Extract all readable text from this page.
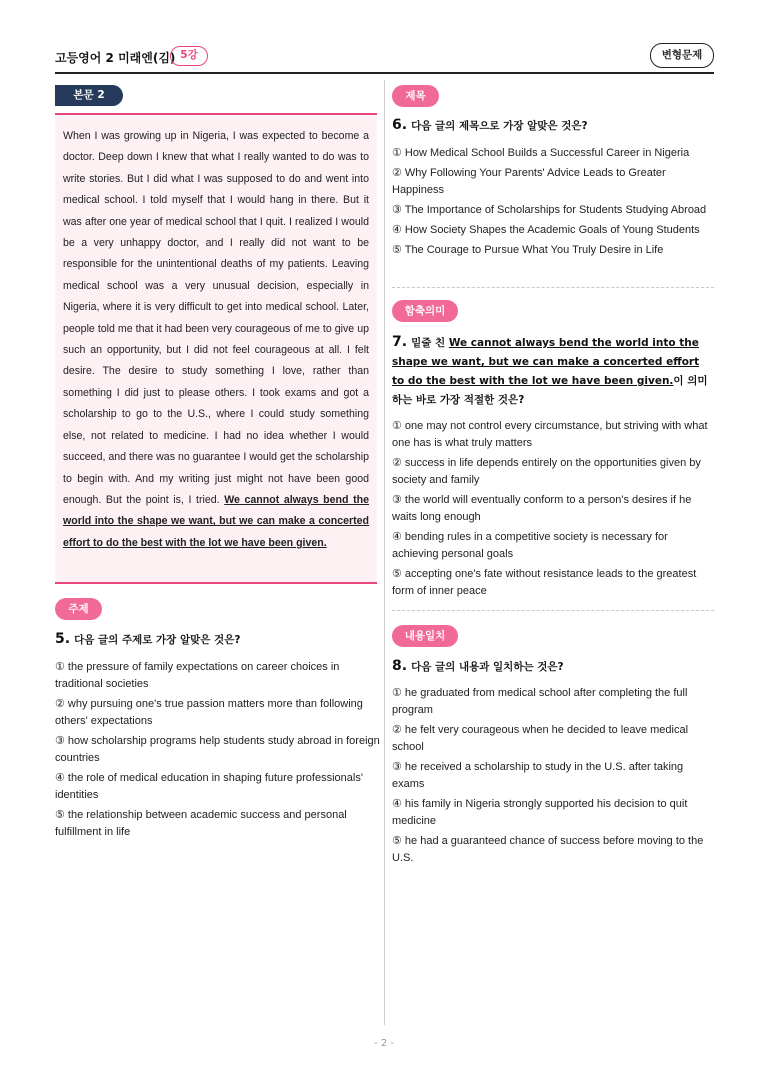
고등영어 2 미래엔(김) 5강	변형문제
본문 2

When I was growing up in Nigeria, I was expected to become a doctor. Deep down I knew that what I really wanted to do was to write stories. But I did what I was supposed to do and went into medical school. I told myself that I would hang in there. But it was after one year of medical school that I quit. I realized I would be a very unhappy doctor, and I really did not want to be responsible for the unintentional deaths of my patients. Leaving medical school was a very unusual decision, especially in Nigeria, where it is very difficult to get into medical school. Later, people told me that it had been very courageous of me to give up such an opportunity, but I did not feel courageous at all. I felt desire. The desire to study something I love, rather than something I did just to please others. I took exams and got a scholarship to go to the U.S., where I could study something else, not related to medicine. I had no idea whether I would succeed, and there was no guarantee I would get the scholarship to begin with. And my writing just might not have been good enough. But the point is, I tried. We cannot always bend the world into the shape we want, but we can make a concerted effort to do the best with the lot we have been given.

주제
5. 다음 글의 주제로 가장 알맞은 것은?
① the pressure of family expectations on career choices in traditional societies
② why pursuing one's true passion matters more than following others' expectations
③ how scholarship programs help students study abroad in foreign countries
④ the role of medical education in shaping future professionals' identities
⑤ the relationship between academic success and personal fulfillment in life
제목
6. 다음 글의 제목으로 가장 알맞은 것은?
① How Medical School Builds a Successful Career in Nigeria
② Why Following Your Parents' Advice Leads to Greater Happiness
③ The Importance of Scholarships for Students Studying Abroad
④ How Society Shapes the Academic Goals of Young Students
⑤ The Courage to Pursue What You Truly Desire in Life
함축의미
7. 밑줄 친 We cannot always bend the world into the shape we want, but we can make a concerted effort to do the best with the lot we have been given.이 의미하는 바로 가장 적절한 것은?
① one may not control every circumstance, but striving with what one has is what truly matters
② success in life depends entirely on the opportunities given by society and family
③ the world will eventually conform to a person's desires if he waits long enough
④ bending rules in a competitive society is necessary for achieving personal goals
⑤ accepting one's fate without resistance leads to the greatest form of inner peace
내용일치
8. 다음 글의 내용과 일치하는 것은?
① he graduated from medical school after completing the full program
② he felt very courageous when he decided to leave medical school
③ he received a scholarship to study in the U.S. after taking exams
④ his family in Nigeria strongly supported his decision to quit medicine
⑤ he had a guaranteed chance of success before moving to the U.S.
- 2 -
